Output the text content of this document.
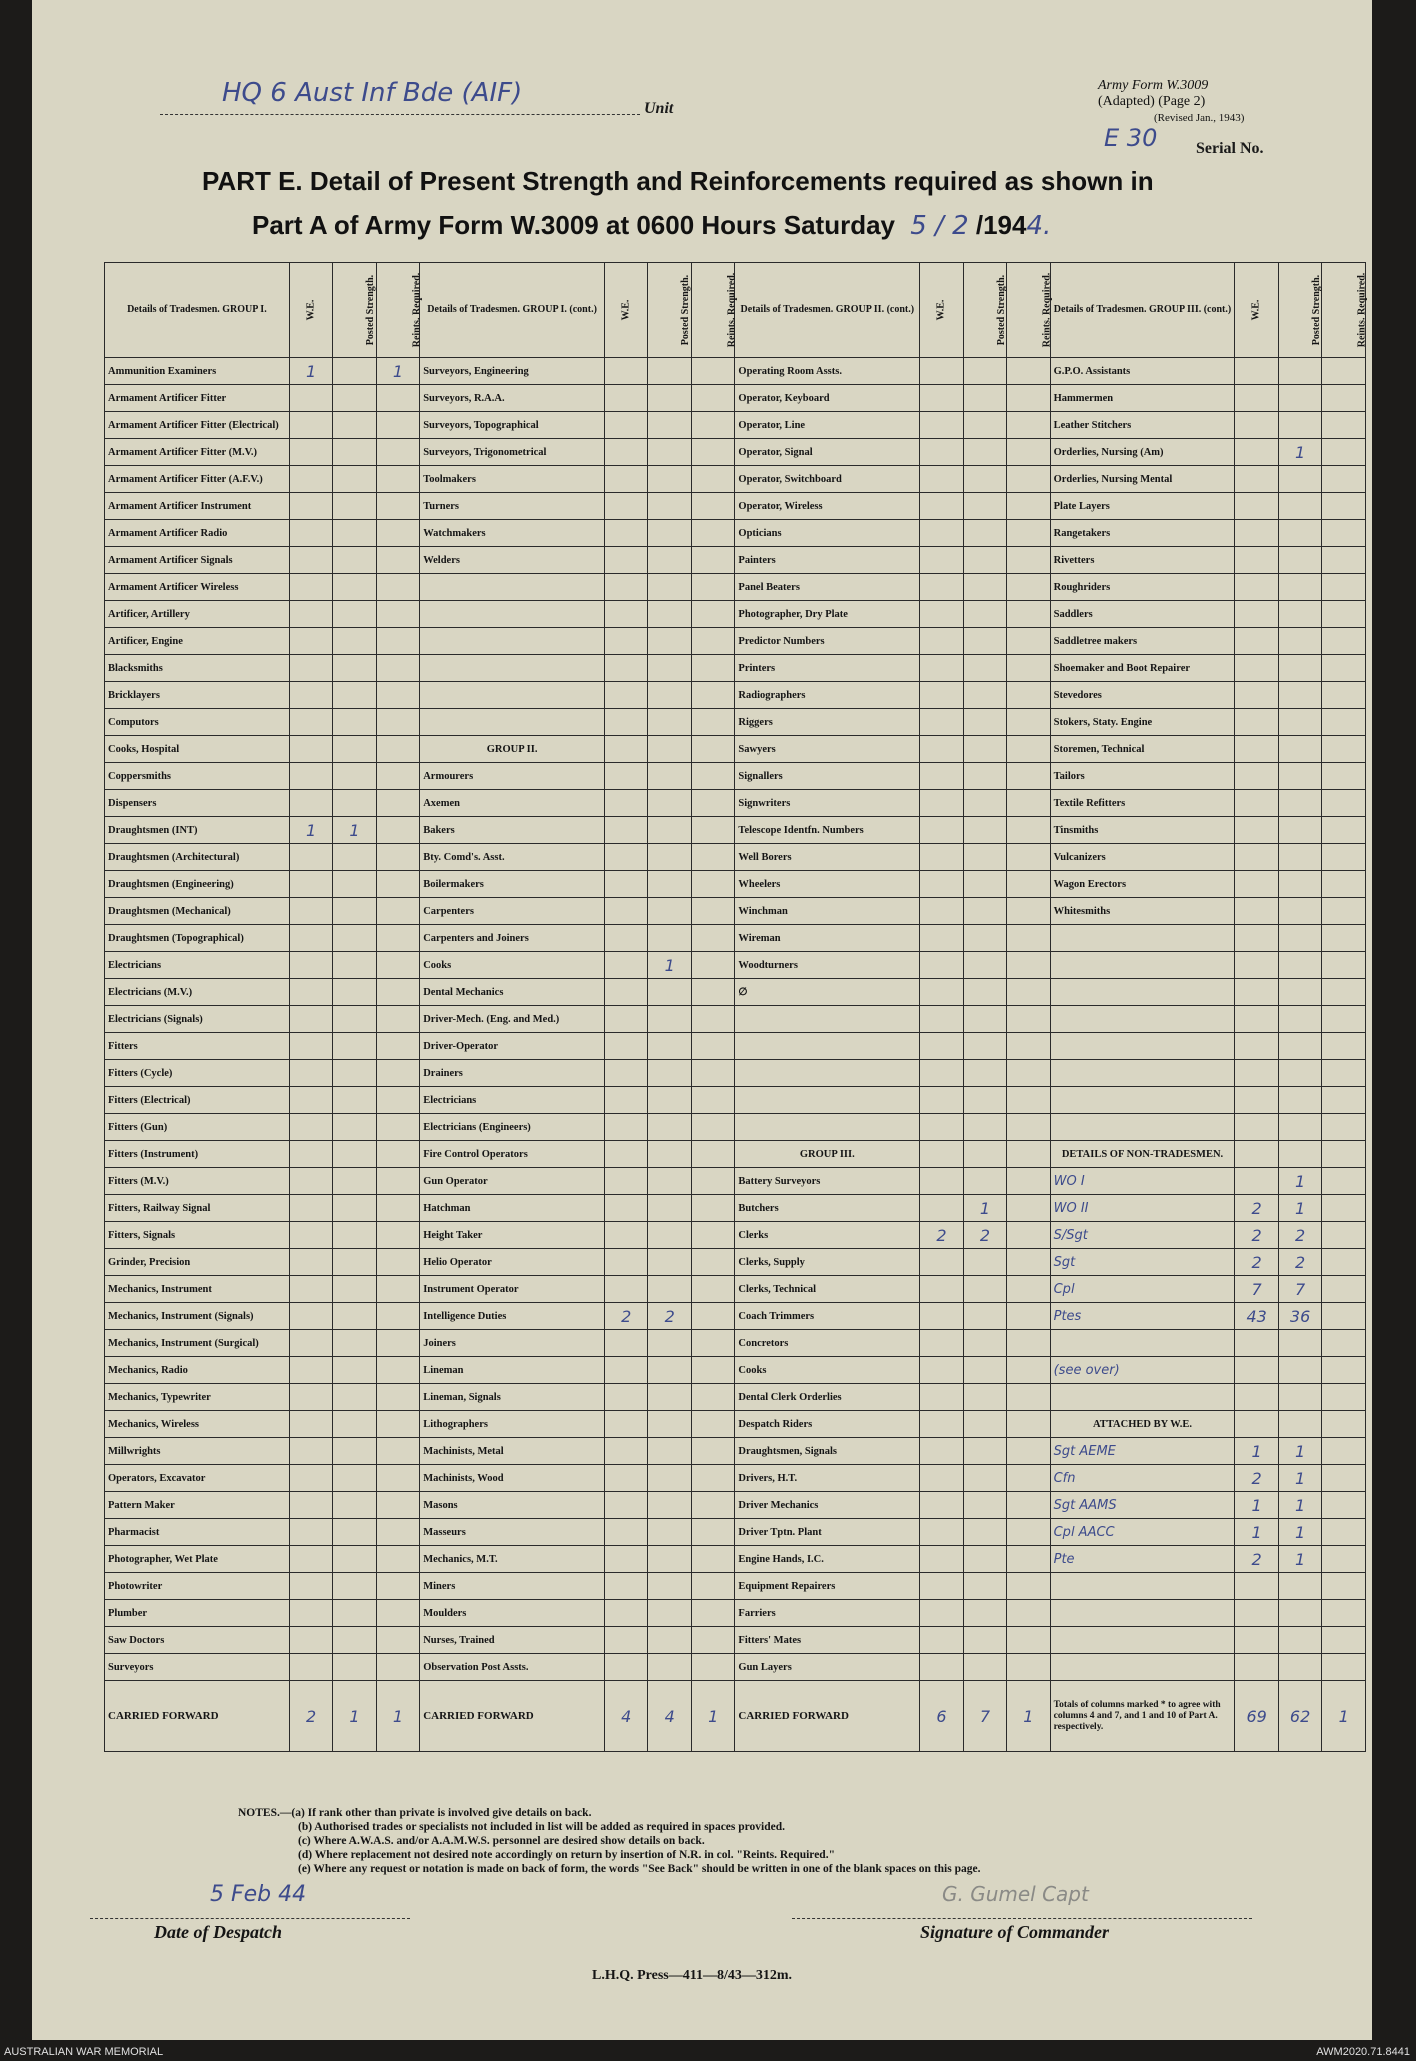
HQ 6 Aust Inf Bde (AIF)
Unit
Army Form W.3009
(Adapted) (Page 2)
(Revised Jan., 1943)
E 30 Serial No.
PART E. Detail of Present Strength and Reinforcements required as shown in
Part A of Army Form W.3009 at 0600 Hours Saturday 5 / 2 /1944.
Details of Tradesmen. GROUP I.	W.E.	Posted Strength.	Reints. Required.	Details of Tradesmen. GROUP I. (cont.)	W.E.	Posted Strength.	Reints. Required.	Details of Tradesmen. GROUP II. (cont.)	W.E.	Posted Strength.	Reints. Required.	Details of Tradesmen. GROUP III. (cont.)	W.E.	Posted Strength.	Reints. Required.
Ammunition Examiners	1		1	Surveyors, Engineering				Operating Room Assts.				G.P.O. Assistants			
Armament Artificer Fitter				Surveyors, R.A.A.				Operator, Keyboard				Hammermen			
Armament Artificer Fitter (Electrical)				Surveyors, Topographical				Operator, Line				Leather Stitchers			
Armament Artificer Fitter (M.V.)				Surveyors, Trigonometrical				Operator, Signal				Orderlies, Nursing (Am)		1	
Armament Artificer Fitter (A.F.V.)				Toolmakers				Operator, Switchboard				Orderlies, Nursing Mental			
Armament Artificer Instrument				Turners				Operator, Wireless				Plate Layers			
Armament Artificer Radio				Watchmakers				Opticians				Rangetakers			
Armament Artificer Signals				Welders				Painters				Rivetters			
Armament Artificer Wireless								Panel Beaters				Roughriders			
Artificer, Artillery								Photographer, Dry Plate				Saddlers			
Artificer, Engine								Predictor Numbers				Saddletree makers			
Blacksmiths								Printers				Shoemaker and Boot Repairer			
Bricklayers								Radiographers				Stevedores			
Computors								Riggers				Stokers, Staty. Engine			
Cooks, Hospital				GROUP II.				Sawyers				Storemen, Technical			
Coppersmiths				Armourers				Signallers				Tailors			
Dispensers				Axemen				Signwriters				Textile Refitters			
Draughtsmen (INT)	1	1		Bakers				Telescope Identfn. Numbers				Tinsmiths			
Draughtsmen (Architectural)				Bty. Comd's. Asst.				Well Borers				Vulcanizers			
Draughtsmen (Engineering)				Boilermakers				Wheelers				Wagon Erectors			
Draughtsmen (Mechanical)				Carpenters				Winchman				Whitesmiths			
Draughtsmen (Topographical)				Carpenters and Joiners				Wireman							
Electricians				Cooks		1		Woodturners							
Electricians (M.V.)				Dental Mechanics				∅							
Electricians (Signals)				Driver-Mech. (Eng. and Med.)											
Fitters				Driver-Operator											
Fitters (Cycle)				Drainers											
Fitters (Electrical)				Electricians											
Fitters (Gun)				Electricians (Engineers)											
Fitters (Instrument)				Fire Control Operators				GROUP III.				DETAILS OF NON-TRADESMEN.			
Fitters (M.V.)				Gun Operator				Battery Surveyors				WO I		1	
Fitters, Railway Signal				Hatchman				Butchers		1		WO II	2	1	
Fitters, Signals				Height Taker				Clerks	2	2		S/Sgt	2	2	
Grinder, Precision				Helio Operator				Clerks, Supply				Sgt	2	2	
Mechanics, Instrument				Instrument Operator				Clerks, Technical				Cpl	7	7	
Mechanics, Instrument (Signals)				Intelligence Duties	2	2		Coach Trimmers				Ptes	43	36	
Mechanics, Instrument (Surgical)				Joiners				Concretors							
Mechanics, Radio				Lineman				Cooks				(see over)			
Mechanics, Typewriter				Lineman, Signals				Dental Clerk Orderlies							
Mechanics, Wireless				Lithographers				Despatch Riders				ATTACHED BY W.E.			
Millwrights				Machinists, Metal				Draughtsmen, Signals				Sgt AEME	1	1	
Operators, Excavator				Machinists, Wood				Drivers, H.T.				Cfn	2	1	
Pattern Maker				Masons				Driver Mechanics				Sgt AAMS	1	1	
Pharmacist				Masseurs				Driver Tptn. Plant				Cpl AACC	1	1	
Photographer, Wet Plate				Mechanics, M.T.				Engine Hands, I.C.				Pte	2	1	
Photowriter				Miners				Equipment Repairers							
Plumber				Moulders				Farriers							
Saw Doctors				Nurses, Trained				Fitters' Mates							
Surveyors				Observation Post Assts.				Gun Layers							
CARRIED FORWARD	2	1	1	CARRIED FORWARD	4	4	1	CARRIED FORWARD	6	7	1	Totals of columns marked * to agree with columns 4 and 7, and 1 and 10 of Part A. respectively.	69	62	1
NOTES.—(a) If rank other than private is involved give details on back.
(b) Authorised trades or specialists not included in list will be added as required in spaces provided.
(c) Where A.W.A.S. and/or A.A.M.W.S. personnel are desired show details on back.
(d) Where replacement not desired note accordingly on return by insertion of N.R. in col. "Reints. Required."
(e) Where any request or notation is made on back of form, the words "See Back" should be written in one of the blank spaces on this page.
5 Feb 44
Date of Despatch
G. Gumel Capt
Signature of Commander
L.H.Q. Press—411—8/43—312m.
AUSTRALIAN WAR MEMORIAL	AWM2020.71.8441
